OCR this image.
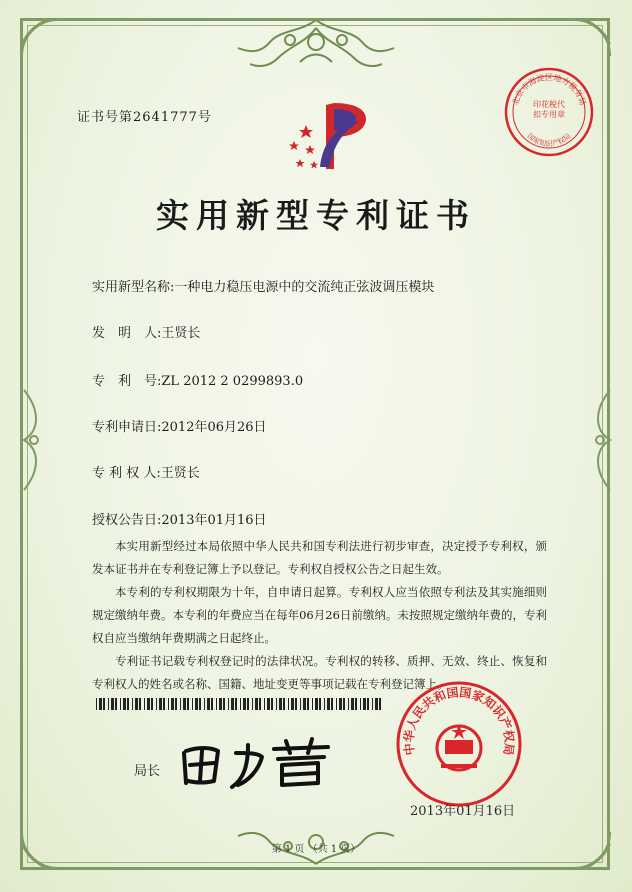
证书号第2641777号
北京市海淀区地方税务局
国家知识产权局
印花税代扣专用章
实用新型专利证书
实用新型名称:一种电力稳压电源中的交流纯正弦波调压模块
发　明　人:王贤长
专　利　号:ZL 2012 2 0299893.0
专利申请日:2012年06月26日
专 利 权 人:王贤长
授权公告日:2013年01月16日

本实用新型经过本局依照中华人民共和国专利法进行初步审查，决定授予专利权，颁发本证书并在专利登记簿上予以登记。专利权自授权公告之日起生效。

本专利的专利权期限为十年，自申请日起算。专利权人应当依照专利法及其实施细则规定缴纳年费。本专利的年费应当在每年06月26日前缴纳。未按照规定缴纳年费的，专利权自应当缴纳年费期满之日起终止。

专利证书记载专利权登记时的法律状况。专利权的转移、质押、无效、终止、恢复和专利权人的姓名或名称、国籍、地址变更等事项记载在专利登记簿上。

局长
中华人民共和国国家知识产权局
2013年01月16日
第 1 页 （共 1 页）
